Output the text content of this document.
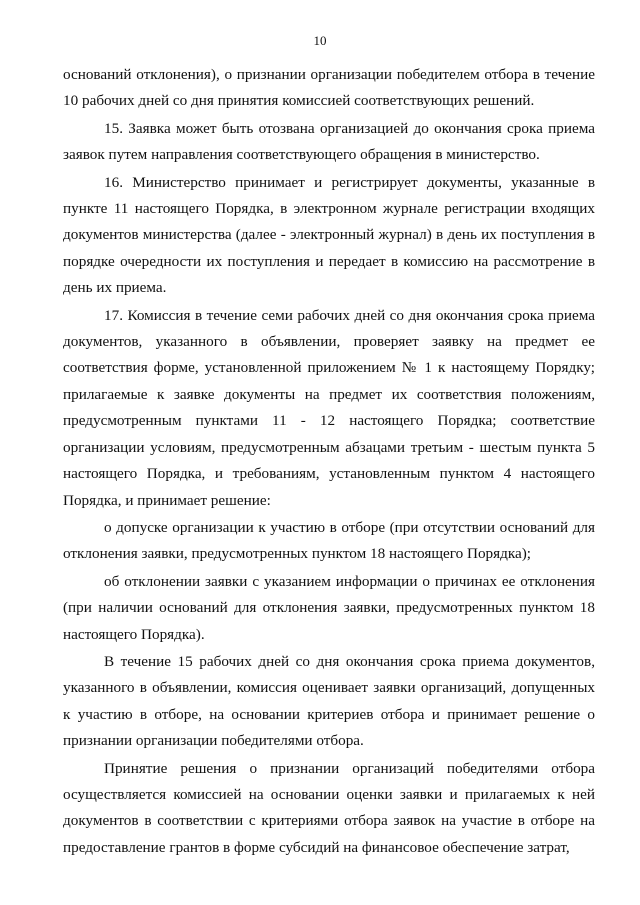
10

оснований отклонения), о признании организации победителем отбора в течение 10 рабочих дней со дня принятия комиссией соответствующих решений.

15. Заявка может быть отозвана организацией до окончания срока приема заявок путем направления соответствующего обращения в министерство.

16. Министерство принимает и регистрирует документы, указанные в пункте 11 настоящего Порядка, в электронном журнале регистрации входящих документов министерства (далее - электронный журнал) в день их поступления в порядке очередности их поступления и передает в комиссию на рассмотрение в день их приема.

17. Комиссия в течение семи рабочих дней со дня окончания срока приема документов, указанного в объявлении, проверяет заявку на предмет ее соответствия форме, установленной приложением № 1 к настоящему Порядку; прилагаемые к заявке документы на предмет их соответствия положениям, предусмотренным пунктами 11 - 12 настоящего Порядка; соответствие организации условиям, предусмотренным абзацами третьим - шестым пункта 5 настоящего Порядка, и требованиям, установленным пунктом 4 настоящего Порядка, и принимает решение:

о допуске организации к участию в отборе (при отсутствии оснований для отклонения заявки, предусмотренных пунктом 18 настоящего Порядка);

об отклонении заявки с указанием информации о причинах ее отклонения (при наличии оснований для отклонения заявки, предусмотренных пунктом 18 настоящего Порядка).

В течение 15 рабочих дней со дня окончания срока приема документов, указанного в объявлении, комиссия оценивает заявки организаций, допущенных к участию в отборе, на основании критериев отбора и принимает решение о признании организации победителями отбора.

Принятие решения о признании организаций победителями отбора осуществляется комиссией на основании оценки заявки и прилагаемых к ней документов в соответствии с критериями отбора заявок на участие в отборе на предоставление грантов в форме субсидий на финансовое обеспечение затрат,
